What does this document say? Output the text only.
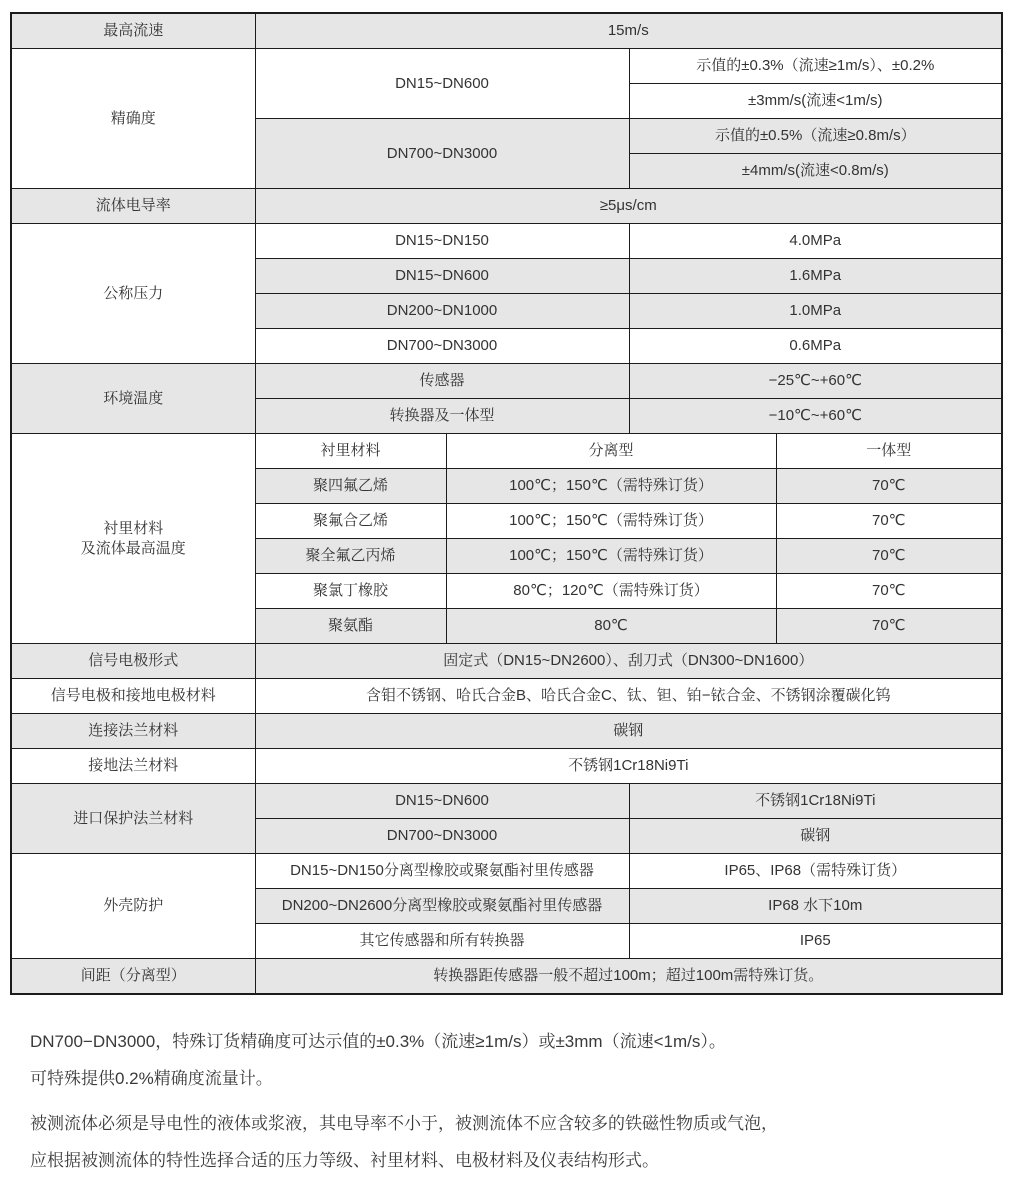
最高流速	15m/s			
精确度	DN15~DN600		示值的±0.3%（流速≥1m/s）、±0.2%	
			±3mm/s(流速<1m/s)	
	DN700~DN3000		示值的±0.5%（流速≥0.8m/s）	
			±4mm/s(流速<0.8m/s)	
流体电导率	≥5μs/cm			
公称压力	DN15~DN150		4.0MPa	
	DN15~DN600		1.6MPa	
	DN200~DN1000		1.0MPa	
	DN700~DN3000		0.6MPa	
环境温度	传感器		−25℃~+60℃	
	转换器及一体型		−10℃~+60℃	
衬里材料
及流体最高温度	衬里材料	分离型		一体型
	聚四氟乙烯	100℃；150℃（需特殊订货）		70℃
	聚氟合乙烯	100℃；150℃（需特殊订货）		70℃
	聚全氟乙丙烯	100℃；150℃（需特殊订货）		70℃
	聚氯丁橡胶	80℃；120℃（需特殊订货）		70℃
	聚氨酯	80℃		70℃
信号电极形式	固定式（DN15~DN2600）、刮刀式（DN300~DN1600）			
信号电极和接地电极材料	含钼不锈钢、哈氏合金B、哈氏合金C、钛、钽、铂−铱合金、不锈钢涂覆碳化钨			
连接法兰材料	碳钢			
接地法兰材料	不锈钢1Cr18Ni9Ti			
进口保护法兰材料	DN15~DN600		不锈钢1Cr18Ni9Ti	
	DN700~DN3000		碳钢	
外壳防护	DN15~DN150分离型橡胶或聚氨酯衬里传感器		IP65、IP68（需特殊订货）	
	DN200~DN2600分离型橡胶或聚氨酯衬里传感器		IP68 水下10m	
	其它传感器和所有转换器		IP65	
间距（分离型）	转换器距传感器一般不超过100m；超过100m需特殊订货。			

DN700−DN3000，特殊订货精确度可达示值的±0.3%（流速≥1m/s）或±3mm（流速<1m/s）。

可特殊提供0.2%精确度流量计。

被测流体必须是导电性的液体或浆液，其电导率不小于，被测流体不应含较多的铁磁性物质或气泡，

应根据被测流体的特性选择合适的压力等级、衬里材料、电极材料及仪表结构形式。
